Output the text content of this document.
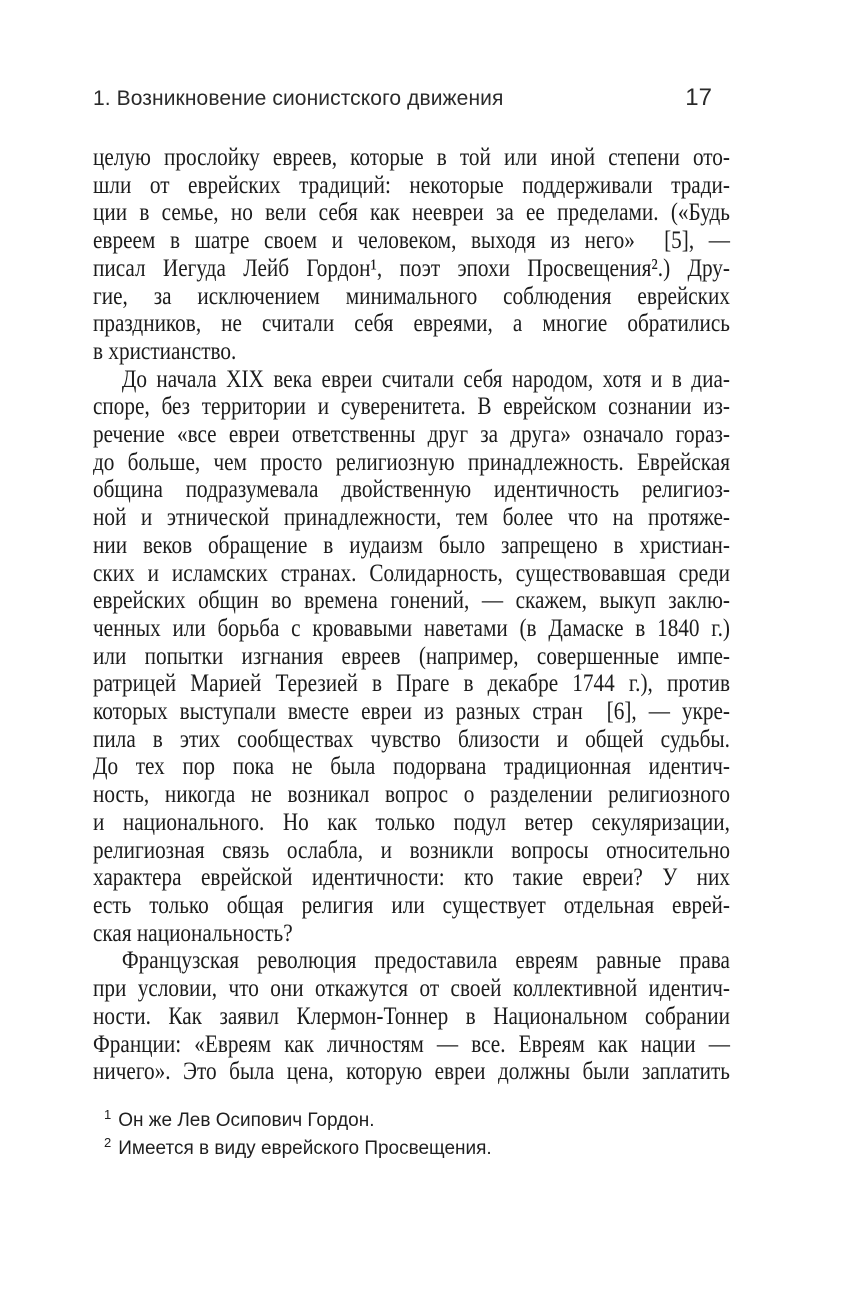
1. Возникновение сионистского движения	17
целую прослойку евреев, которые в той или иной степени ото-
шли от еврейских традиций: некоторые поддерживали тради-
ции в семье, но вели себя как неевреи за ее пределами. («Будь
евреем в шатре своем и человеком, выходя из него»  [5], —
писал Иегуда Лейб Гордон¹, поэт эпохи Просвещения².) Дру-
гие, за исключением минимального соблюдения еврейских
праздников, не считали себя евреями, а многие обратились
в христианство.
До начала XIX века евреи считали себя народом, хотя и в диа-
споре, без территории и суверенитета. В еврейском сознании из-
речение «все евреи ответственны друг за друга» означало гораз-
до больше, чем просто религиозную принадлежность. Еврейская
община подразумевала двойственную идентичность религиоз-
ной и этнической принадлежности, тем более что на протяже-
нии веков обращение в иудаизм было запрещено в христиан-
ских и исламских странах. Солидарность, существовавшая среди
еврейских общин во времена гонений, — скажем, выкуп заклю-
ченных или борьба с кровавыми наветами (в Дамаске в 1840 г.)
или попытки изгнания евреев (например, совершенные импе-
ратрицей Марией Терезией в Праге в декабре 1744 г.), против
которых выступали вместе евреи из разных стран  [6], — укре-
пила в этих сообществах чувство близости и общей судьбы.
До тех пор пока не была подорвана традиционная идентич-
ность, никогда не возникал вопрос о разделении религиозного
и национального. Но как только подул ветер секуляризации,
религиозная связь ослабла, и возникли вопросы относительно
характера еврейской идентичности: кто такие евреи? У них
есть только общая религия или существует отдельная еврей-
ская национальность?
Французская революция предоставила евреям равные права
при условии, что они откажутся от своей коллективной идентич-
ности. Как заявил Клермон-Тоннер в Национальном собрании
Франции: «Евреям как личностям — все. Евреям как нации —
ничего». Это была цена, которую евреи должны были заплатить
$^1$ Он же Лев Осипович Гордон.
$^2$ Имеется в виду еврейского Просвещения.
